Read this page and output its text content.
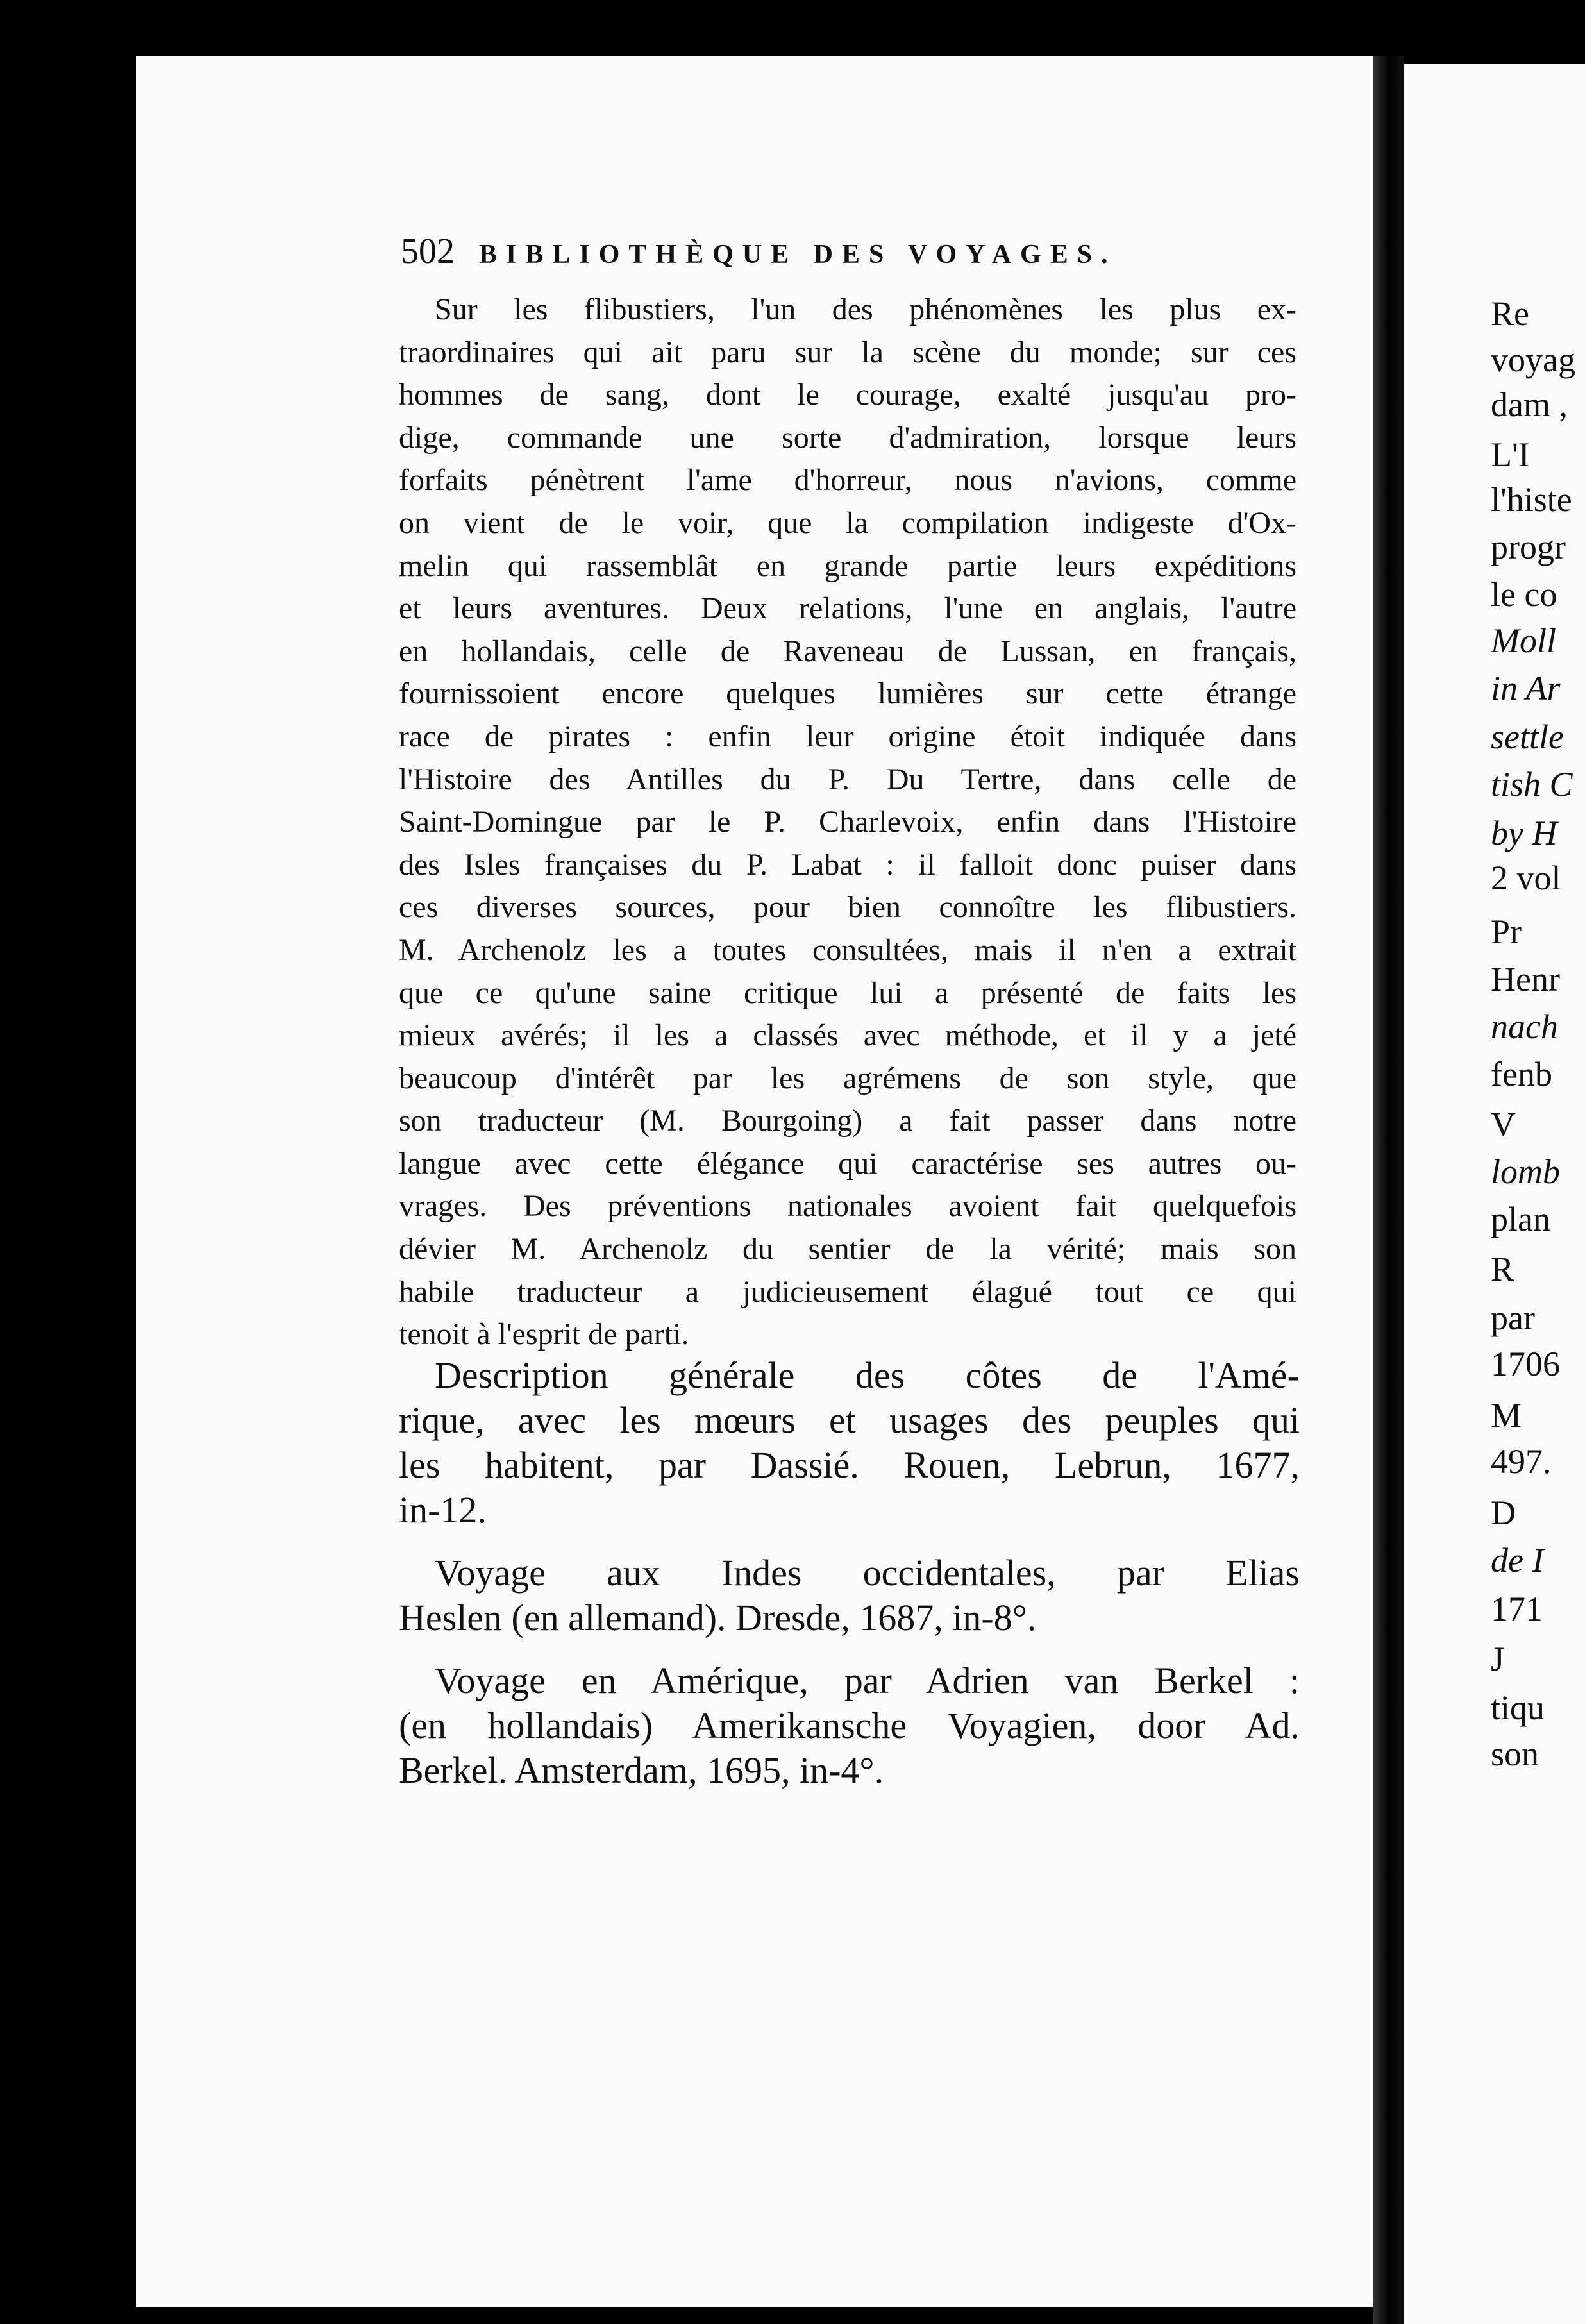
502 BIBLIOTHÈQUE DES VOYAGES.
Sur les flibustiers, l'un des phénomènes les plus ex-
traordinaires qui ait paru sur la scène du monde; sur ces
hommes de sang, dont le courage, exalté jusqu'au pro-
dige, commande une sorte d'admiration, lorsque leurs
forfaits pénètrent l'ame d'horreur, nous n'avions, comme
on vient de le voir, que la compilation indigeste d'Ox-
melin qui rassemblât en grande partie leurs expéditions
et leurs aventures. Deux relations, l'une en anglais, l'autre
en hollandais, celle de Raveneau de Lussan, en français,
fournissoient encore quelques lumières sur cette étrange
race de pirates : enfin leur origine étoit indiquée dans
l'Histoire des Antilles du P. Du Tertre, dans celle de
Saint-Domingue par le P. Charlevoix, enfin dans l'Histoire
des Isles françaises du P. Labat : il falloit donc puiser dans
ces diverses sources, pour bien connoître les flibustiers.
M. Archenolz les a toutes consultées, mais il n'en a extrait
que ce qu'une saine critique lui a présenté de faits les
mieux avérés; il les a classés avec méthode, et il y a jeté
beaucoup d'intérêt par les agrémens de son style, que
son traducteur (M. Bourgoing) a fait passer dans notre
langue avec cette élégance qui caractérise ses autres ou-
vrages. Des préventions nationales avoient fait quelquefois
dévier M. Archenolz du sentier de la vérité; mais son
habile traducteur a judicieusement élagué tout ce qui
tenoit à l'esprit de parti.
Description générale des côtes de l'Amé-
rique, avec les mœurs et usages des peuples qui
les habitent, par Dassié. Rouen, Lebrun, 1677,
in-12.
Voyage aux Indes occidentales, par Elias
Heslen (en allemand). Dresde, 1687, in-8°.
Voyage en Amérique, par Adrien van Berkel :
(en hollandais) Amerikansche Voyagien, door Ad.
Berkel. Amsterdam, 1695, in-4°.
Re
voyag
dam ,
L'I
l'histe
progr
le co
Moll
in Ar
settle
tish C
by H
2 vol
Pr
Henr
nach
fenb
V
lomb
plan
R
par
1706
M
497.
D
de I
171
J
tiqu
son
